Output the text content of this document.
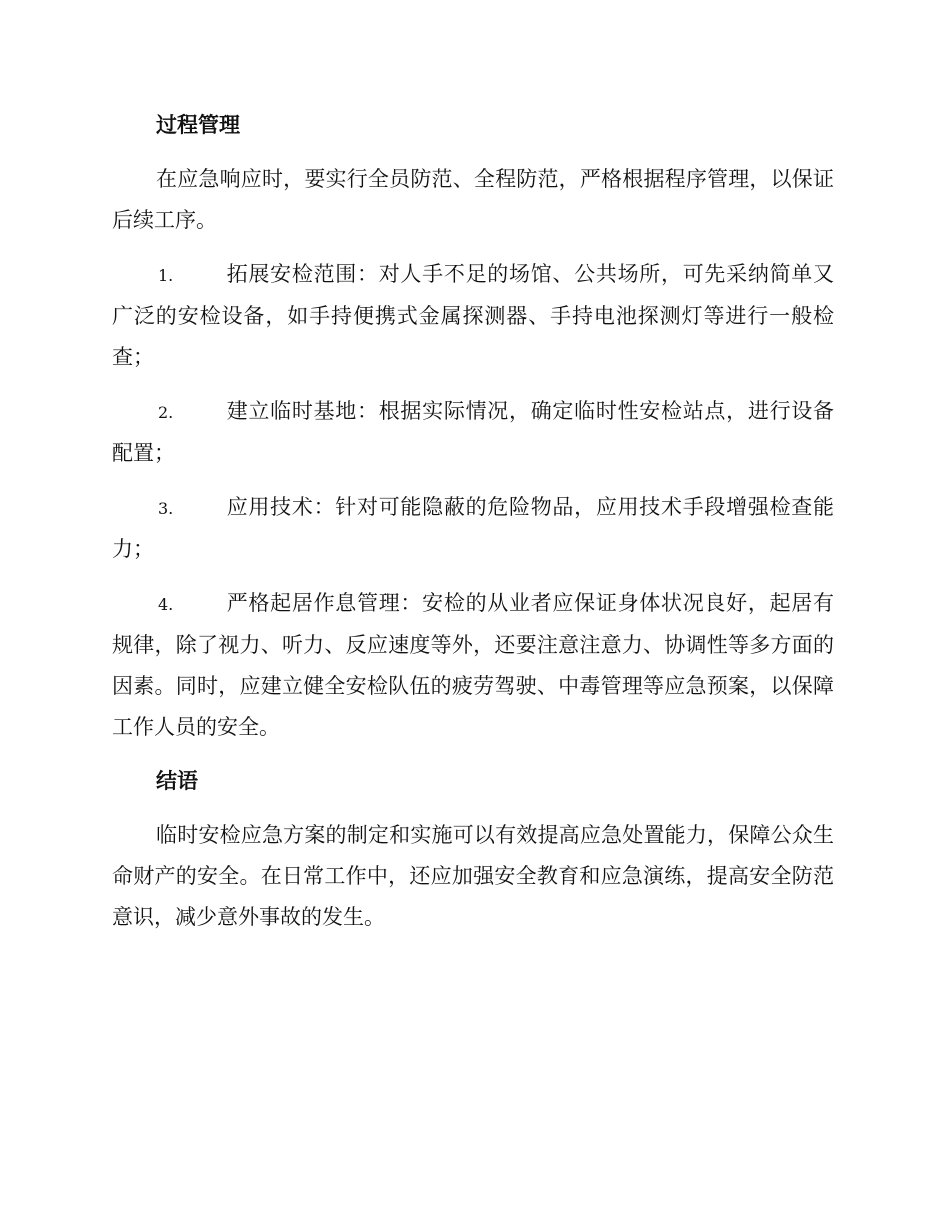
过程管理

在应急响应时，要实行全员防范、全程防范，严格根据程序管理，以保证后续工序。

1.	拓展安检范围：对人手不足的场馆、公共场所，可先采纳简单又广泛的安检设备，如手持便携式金属探测器、手持电池探测灯等进行一般检查；

2.	建立临时基地：根据实际情况，确定临时性安检站点，进行设备配置；

3.	应用技术：针对可能隐蔽的危险物品，应用技术手段增强检查能力；

4.	严格起居作息管理：安检的从业者应保证身体状况良好，起居有规律，除了视力、听力、反应速度等外，还要注意注意力、协调性等多方面的因素。同时，应建立健全安检队伍的疲劳驾驶、中毒管理等应急预案，以保障工作人员的安全。

结语

临时安检应急方案的制定和实施可以有效提高应急处置能力，保障公众生命财产的安全。在日常工作中，还应加强安全教育和应急演练，提高安全防范意识，减少意外事故的发生。
